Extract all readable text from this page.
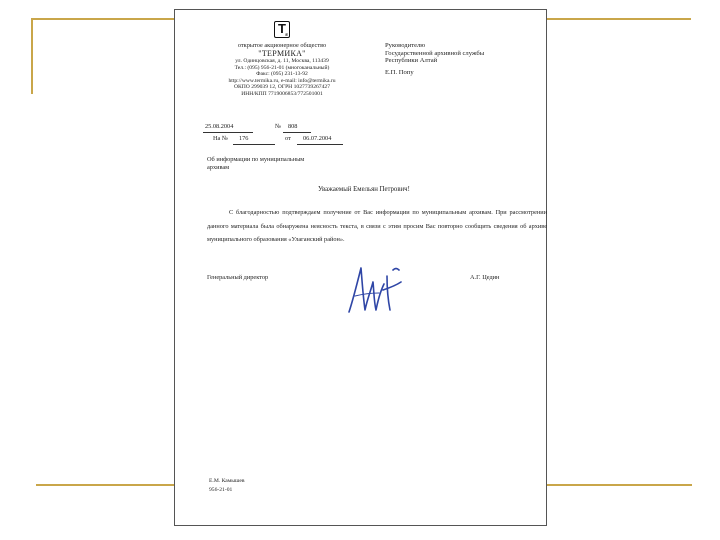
T E
открытое акционерное общество
"ТЕРМИКА"
ул. Одинцовская, д. 11, Москва, 113439
Тел.: (095) 956-21-01 (многоканальный)
Факс: (095) 231-13-92
http://www.termika.ru, e-mail: info@termika.ru
ОКПО 299039 12, ОГРН 1027739267427
ИНН/КПП 7719006853/772501001
Руководителю
Государственной архивной службы
Республики Алтай
Е.П. Попу
25.08.2004	№ 808
На № 176	от 06.07.2004
Об информации по муниципальным
архивам
Уважаемый Емельян Петрович!
С благодарностью подтверждаем получение от Вас информации по муниципальным архивам. При рассмотрении данного материала была обнаружена неясность текста, в связи с этим просим Вас повторно сообщить сведения об архиве муниципального образования «Улаганский район».
Генеральный директор	А.Г. Цедин
Е.М. Камышев
956-21-01
